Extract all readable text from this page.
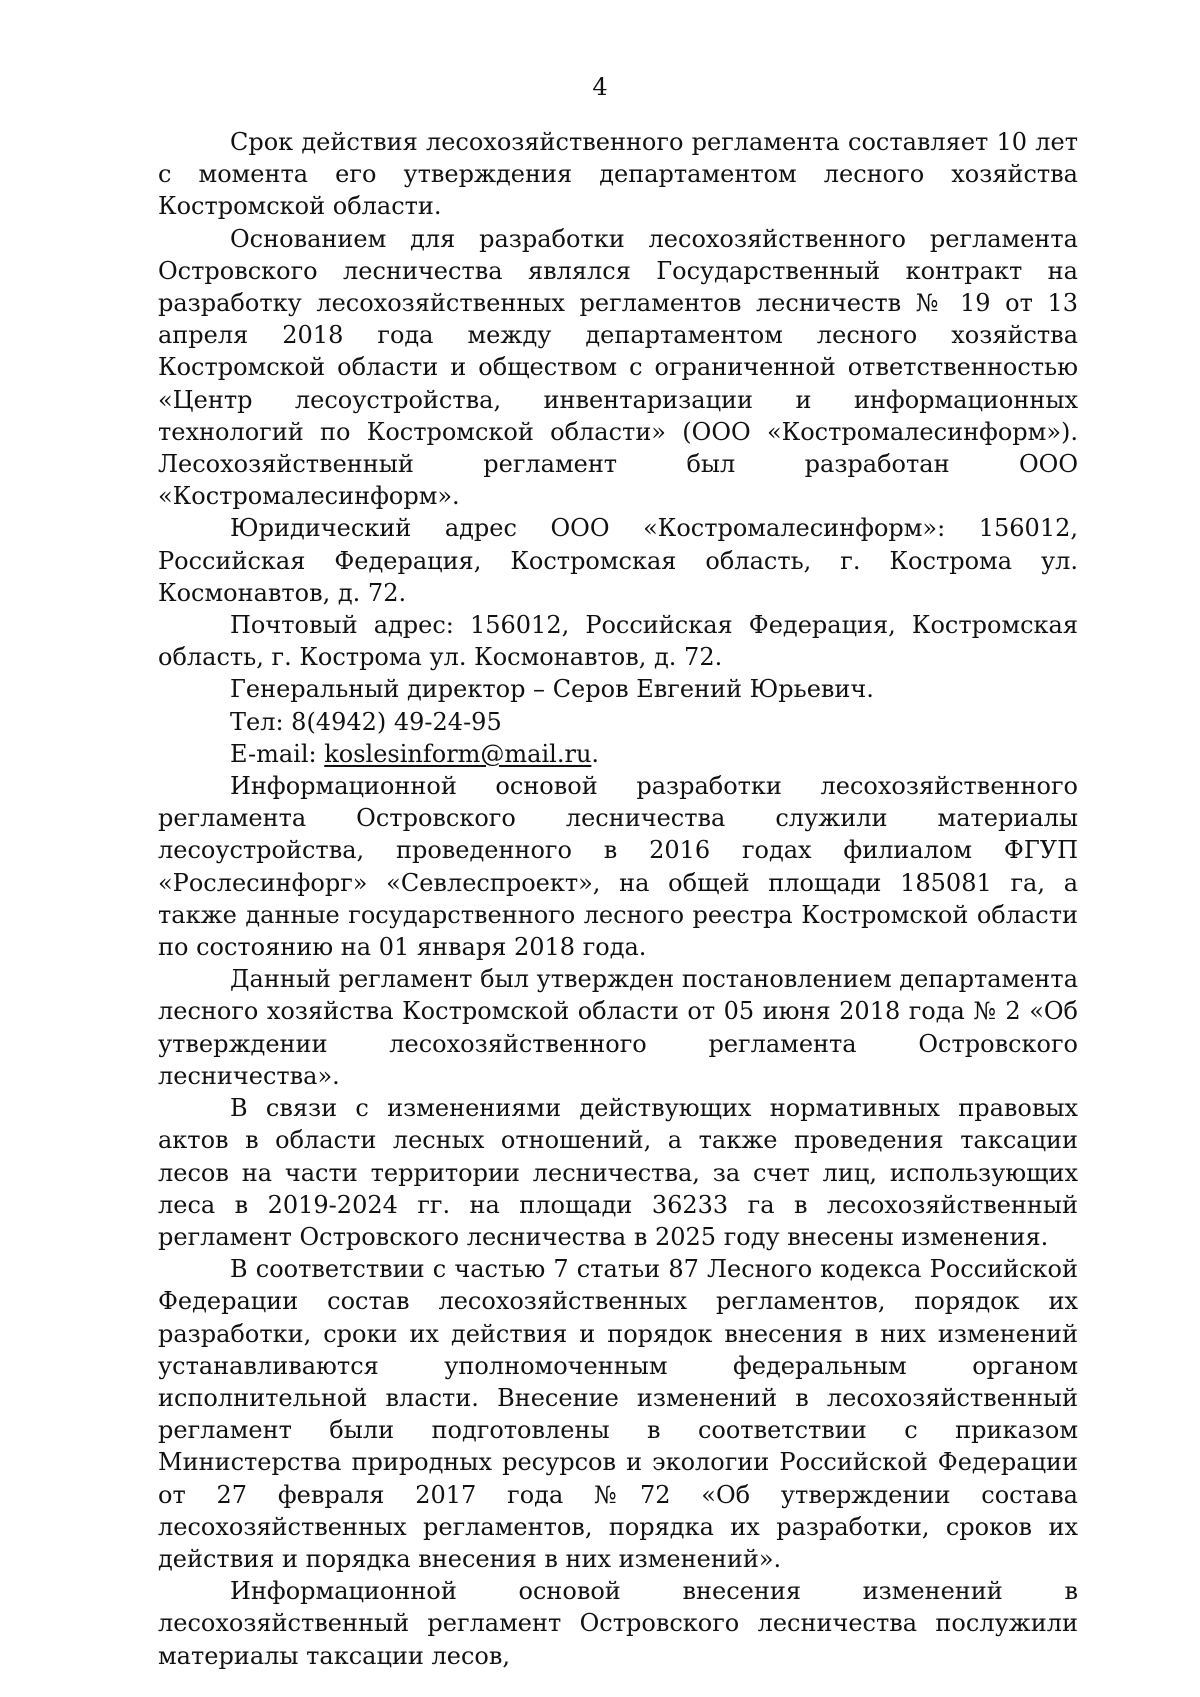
4

Срок действия лесохозяйственного регламента составляет 10 лет с момента его утверждения департаментом лесного хозяйства Костромской области.

Основанием для разработки лесохозяйственного регламента Островского лесничества являлся Государственный контракт на разработку лесохозяйственных регламентов лесничеств № 19 от 13 апреля 2018 года между департаментом лесного хозяйства Костромской области и обществом с ограниченной ответственностью «Центр лесоустройства, инвентаризации и информационных технологий по Костромской области» (ООО «Костромалесинформ»). Лесохозяйственный регламент был разработан ООО «Костромалесинформ».

Юридический адрес ООО «Костромалесинформ»: 156012, Российская Федерация, Костромская область, г. Кострома ул. Космонавтов, д. 72.

Почтовый адрес: 156012, Российская Федерация, Костромская область, г. Кострома ул. Космонавтов, д. 72.

Генеральный директор – Серов Евгений Юрьевич.

Тел: 8(4942) 49-24-95

E-mail: koslesinform@mail.ru.

Информационной основой разработки лесохозяйственного регламента Островского лесничества служили материалы лесоустройства, проведенного в 2016 годах филиалом ФГУП «Рослесинфорг» «Севлеспроект», на общей площади 185081 га, а также данные государственного лесного реестра Костромской области по состоянию на 01 января 2018 года.

Данный регламент был утвержден постановлением департамента лесного хозяйства Костромской области от 05 июня 2018 года № 2 «Об утверждении лесохозяйственного регламента Островского лесничества».

В связи с изменениями действующих нормативных правовых актов в области лесных отношений, а также проведения таксации лесов на части территории лесничества, за счет лиц, использующих леса в 2019-2024 гг. на площади 36233 га в лесохозяйственный регламент Островского лесничества в 2025 году внесены изменения.

В соответствии с частью 7 статьи 87 Лесного кодекса Российской Федерации состав лесохозяйственных регламентов, порядок их разработки, сроки их действия и порядок внесения в них изменений устанавливаются уполномоченным федеральным органом исполнительной власти. Внесение изменений в лесохозяйственный регламент были подготовлены в соответствии с приказом Министерства природных ресурсов и экологии Российской Федерации от 27 февраля 2017 года №72 «Об утверждении состава лесохозяйственных регламентов, порядка их разработки, сроков их действия и порядка внесения в них изменений».

Информационной основой внесения изменений в лесохозяйственный регламент Островского лесничества послужили материалы таксации лесов,
